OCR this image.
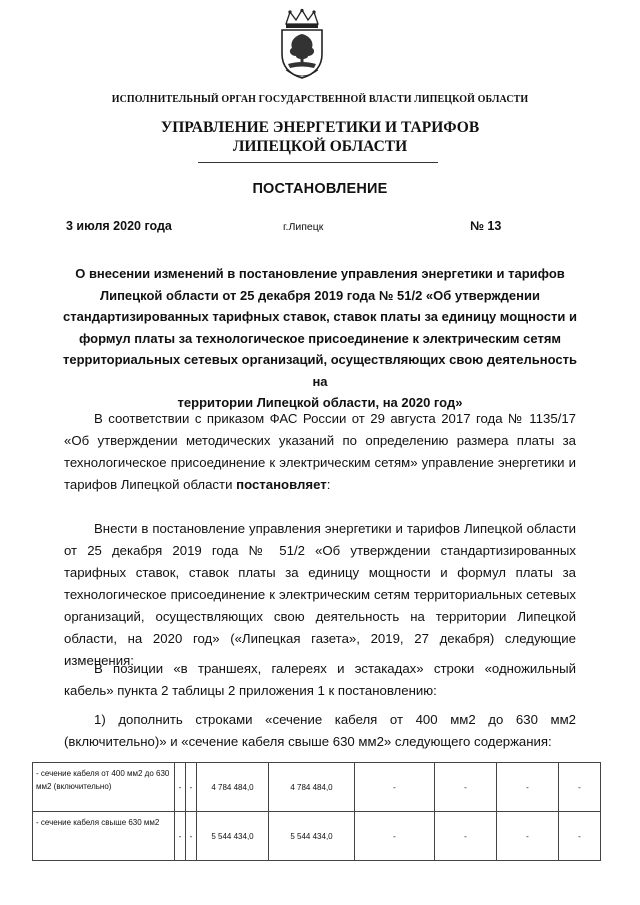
ИСПОЛНИТЕЛЬНЫЙ ОРГАН ГОСУДАРСТВЕННОЙ ВЛАСТИ ЛИПЕЦКОЙ ОБЛАСТИ
УПРАВЛЕНИЕ ЭНЕРГЕТИКИ И ТАРИФОВ
ЛИПЕЦКОЙ ОБЛАСТИ
ПОСТАНОВЛЕНИЕ
3 июля 2020 года	г.Липецк	№ 13
О внесении изменений в постановление управления энергетики и тарифов
Липецкой области от 25 декабря 2019 года № 51/2 «Об утверждении
стандартизированных тарифных ставок, ставок платы за единицу мощности и
формул платы за технологическое присоединение к электрическим сетям
территориальных сетевых организаций, осуществляющих свою деятельность на
территории Липецкой области, на 2020 год»
В соответствии с приказом ФАС России от 29 августа 2017 года № 1135/17 «Об утверждении методических указаний по определению размера платы за технологическое присоединение к электрическим сетям» управление энергетики и тарифов Липецкой области постановляет:
Внести в постановление управления энергетики и тарифов Липецкой области от 25 декабря 2019 года № 51/2 «Об утверждении стандартизированных тарифных ставок, ставок платы за единицу мощности и формул платы за технологическое присоединение к электрическим сетям территориальных сетевых организаций, осуществляющих свою деятельность на территории Липецкой области, на 2020 год» («Липецкая газета», 2019, 27 декабря) следующие изменения:
В позиции «в траншеях, галереях и эстакадах» строки «одножильный кабель» пункта 2 таблицы 2 приложения 1 к постановлению:
1) дополнить строками «сечение кабеля от 400 мм2 до 630 мм2 (включительно)» и «сечение кабеля свыше 630 мм2» следующего содержания:
- сечение кабеля от 400 мм2 до 630 мм2 (включительно)	-	-	4 784 484,0	4 784 484,0	-	-	-	-
- сечение кабеля свыше 630 мм2	-	-	5 544 434,0	5 544 434,0	-	-	-	-
